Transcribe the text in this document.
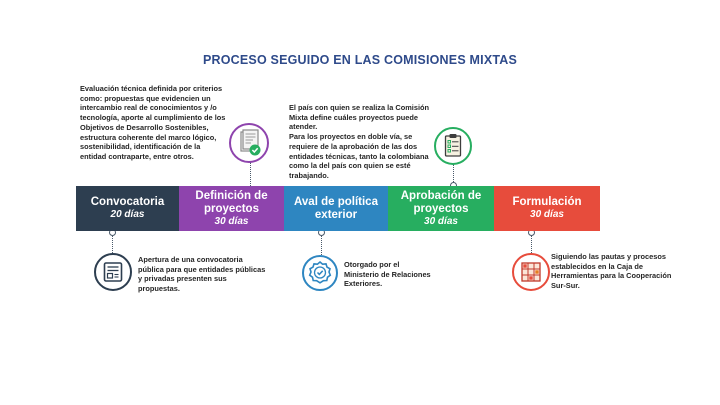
PROCESO SEGUIDO EN LAS COMISIONES MIXTAS

Evaluación técnica definida por criterios como: propuestas que evidencien un intercambio real de conocimientos y /o tecnología, aporte al cumplimiento de los Objetivos de Desarrollo Sostenibles, estructura coherente del marco lógico, sostenibilidad, identificación de la entidad contraparte, entre otros.

El país con quien se realiza la Comisión Mixta define cuáles proyectos puede atender.
Para los proyectos en doble vía, se requiere de la aprobación de las dos entidades técnicas, tanto la colombiana como la del país con quien se esté trabajando.

Apertura de una convocatoria pública para que entidades públicas y privadas presenten sus propuestas.

Otorgado por el Ministerio de Relaciones Exteriores.

Siguiendo las pautas y procesos establecidos en la Caja de Herramientas para la Cooperación Sur-Sur.

Convocatoria
20 días
Definición de proyectos
30 días
Aval de política exterior
Aprobación de proyectos
30 días
Formulación
30 días
